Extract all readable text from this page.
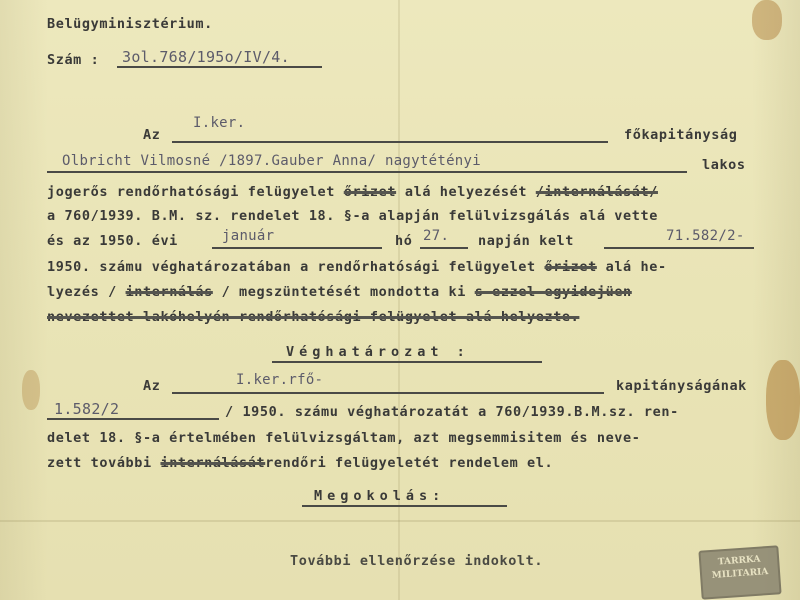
Belügyminisztérium.
Szám : 3ol.768/195o/IV/4.
Az
I.ker.
főkapitányság
Olbricht Vilmosné /1897.Gauber Anna/ nagytétényi	lakos
jogerős rendőrhatósági felügyelet őrizet alá helyezését /internálását/
a 760/1939. B.M. sz. rendelet 18. §-a alapján felülvizsgálás alá vette
és az 1950. évi	január	hó 27. napján kelt	71.582/2-
1950. számu véghatározatában a rendőrhatósági felügyelet őrizet alá he-
lyezés / internálás / megszüntetését mondotta ki s ezzel egyidejüen
nevezettet lakóhelyén rendőrhatósági felügyelet alá helyezte.
Véghatározat :
Az	I.ker.rfő-	kapitányságának
1.582/2	/ 1950. számu véghatározatát a 760/1939.B.M.sz. ren-
delet 18. §-a értelmében felülvizsgáltam, azt megsemmisitem és neve-
zett további internálásátrendőri felügyeletét rendelem el.
Megokolás:
További ellenőrzése indokolt.	TARRKA
MILITARIA
